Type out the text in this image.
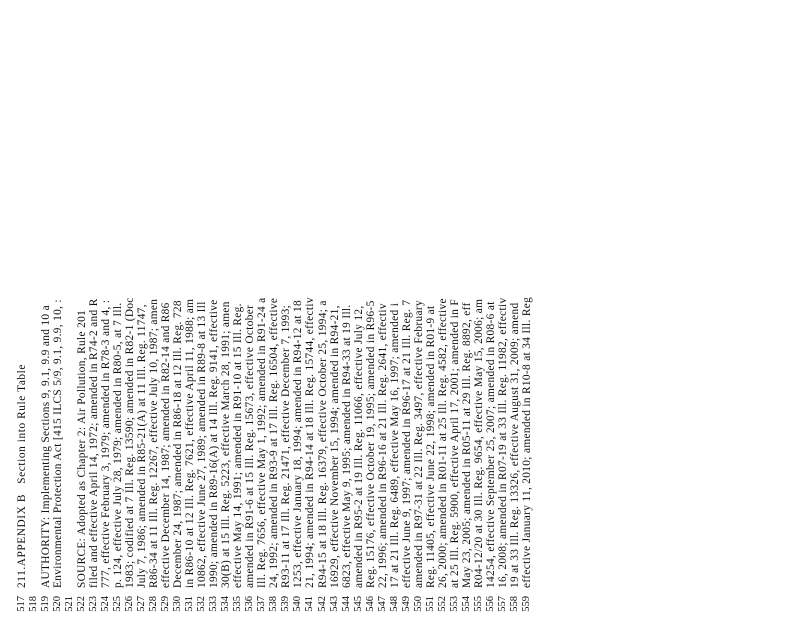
517 518 519 520 521 522 523 524 525 526 527 528 529 530 531 532 533 534 535 536 537 538 539 540 541 542 543 544 545 546 547 548 549 550 551 552 553 554 555 556 557 558 559
211.APPENDIX B   Section into Rule Table AUTHORITY: Implementing Sections 9, 9.1, 9.9 and 10 a Environmental Protection Act [415 ILCS 5/9, 9.1, 9.9, 10, : SOURCE: Adopted as Chapter 2: Air Pollution, Rule 201 filed and effective April 14, 1972; amended in R74-2 and R 777, effective February 3, 1979; amended in R78-3 and 4, : p. 124, effective July 28, 1979; amended in R80-5, at 7 Ill. 1983; codified at 7 Ill. Reg. 13590; amended in R82-1 (Doc July 7, 1986; amended in R85-21(A) at 11 Ill. Reg. 11747, R86-34 at 11 Ill. Reg. 12267, effective July 10, 1987; amen effective December 14, 1987; amended in R82-14 and R86 December 24, 1987; amended in R86-18 at 12 Ill. Reg. 728 in R86-10 at 12 Ill. Reg. 7621, effective April 11, 1988; am 10862, effective June 27, 1989; amended in R89-8 at 13 Ill 1990; amended in R89-16(A) at 14 Ill. Reg. 9141, effective 30(B) at 15 Ill. Reg. 5223, effective March 28, 1991; amen effective May 14, 1991; amended in R91-10 at 15 Ill. Reg. amended in R91-6 at 15 Ill. Reg. 15673, effective October Ill. Reg. 7656, effective May 1, 1992; amended in R91-24 a 24, 1992; amended in R93-9 at 17 Ill. Reg. 16504, effective R93-11 at 17 Ill. Reg. 21471, effective December 7, 1993; 1253, effective January 18, 1994; amended in R94-12 at 18 21, 1994; amended in R94-14 at 18 Ill. Reg. 15744, effectiv R94-15 at 18 Ill. Reg. 16379, effective October 25, 1994; a 16929, effective November 15, 1994; amended in R94-21, 6823, effective May 9, 1995; amended in R94-33 at 19 Ill. amended in R95-2 at 19 Ill. Reg. 11066, effective July 12, Reg. 15176, effective October 19, 1995; amended in R96-5 22, 1996; amended in R96-16 at 21 Ill. Reg. 2641, effectiv 17 at 21 Ill. Reg. 6489, effective May 16, 1997; amended i effective June 9, 1997; amended in R96-17 at 21 Ill. Reg. 7 amended in R97-31 at 22 Ill. Reg. 3497, effective February Reg. 11405, effective June 22, 1998; amended in R01-9 at 26, 2000; amended in R01-11 at 25 Ill. Reg. 4582, effective at 25 Ill. Reg. 5900, effective April 17, 2001; amended in F May 23, 2005; amended in R05-11 at 29 Ill. Reg. 8892, eff R04-12/20 at 30 Ill. Reg. 9654, effective May 15, 2006; am 14254, effective September 25, 2007; amended in R08-6 at 16, 2008; amended in R07-19 at 33 Ill. Reg. 11982, effectiv 19 at 33 Ill. Reg. 13326, effective August 31, 2009; amend effective January 11, 2010; amended in R10-8 at 34 Ill. Reg
